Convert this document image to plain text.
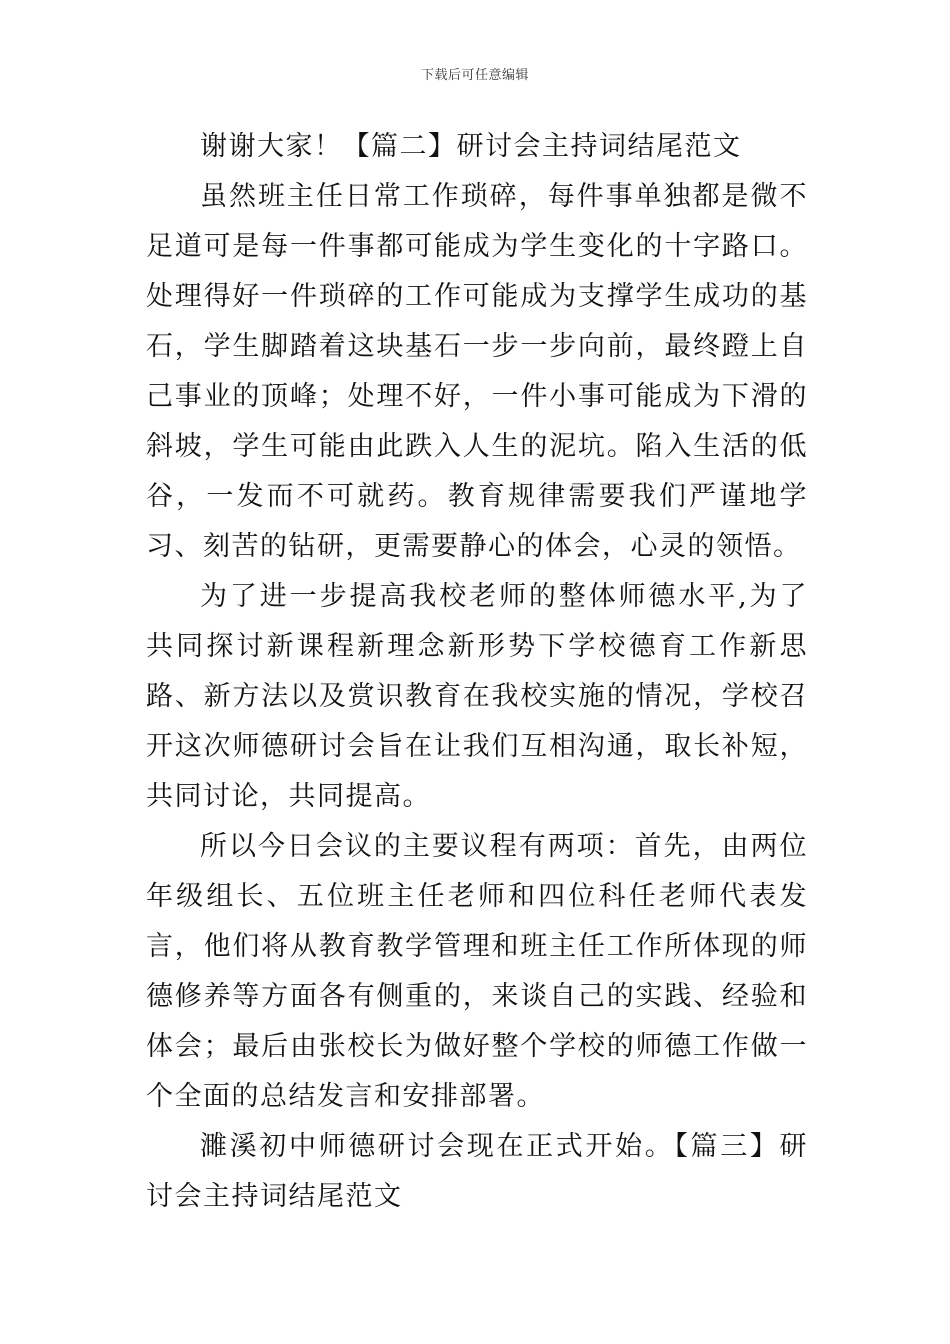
下载后可任意编辑

谢谢大家！【篇二】研讨会主持词结尾范文

虽然班主任日常工作琐碎，每件事单独都是微不足道可是每一件事都可能成为学生变化的十字路口。处理得好一件琐碎的工作可能成为支撑学生成功的基石，学生脚踏着这块基石一步一步向前，最终蹬上自己事业的顶峰；处理不好，一件小事可能成为下滑的斜坡，学生可能由此跌入人生的泥坑。陷入生活的低谷，一发而不可就药。教育规律需要我们严谨地学习、刻苦的钻研，更需要静心的体会，心灵的领悟。

为了进一步提高我校老师的整体师德水平,为了共同探讨新课程新理念新形势下学校德育工作新思路、新方法以及赏识教育在我校实施的情况，学校召开这次师德研讨会旨在让我们互相沟通，取长补短，共同讨论，共同提高。

所以今日会议的主要议程有两项：首先，由两位年级组长、五位班主任老师和四位科任老师代表发言，他们将从教育教学管理和班主任工作所体现的师德修养等方面各有侧重的，来谈自己的实践、经验和体会；最后由张校长为做好整个学校的师德工作做一个全面的总结发言和安排部署。

濉溪初中师德研讨会现在正式开始。【篇三】研讨会主持词结尾范文
